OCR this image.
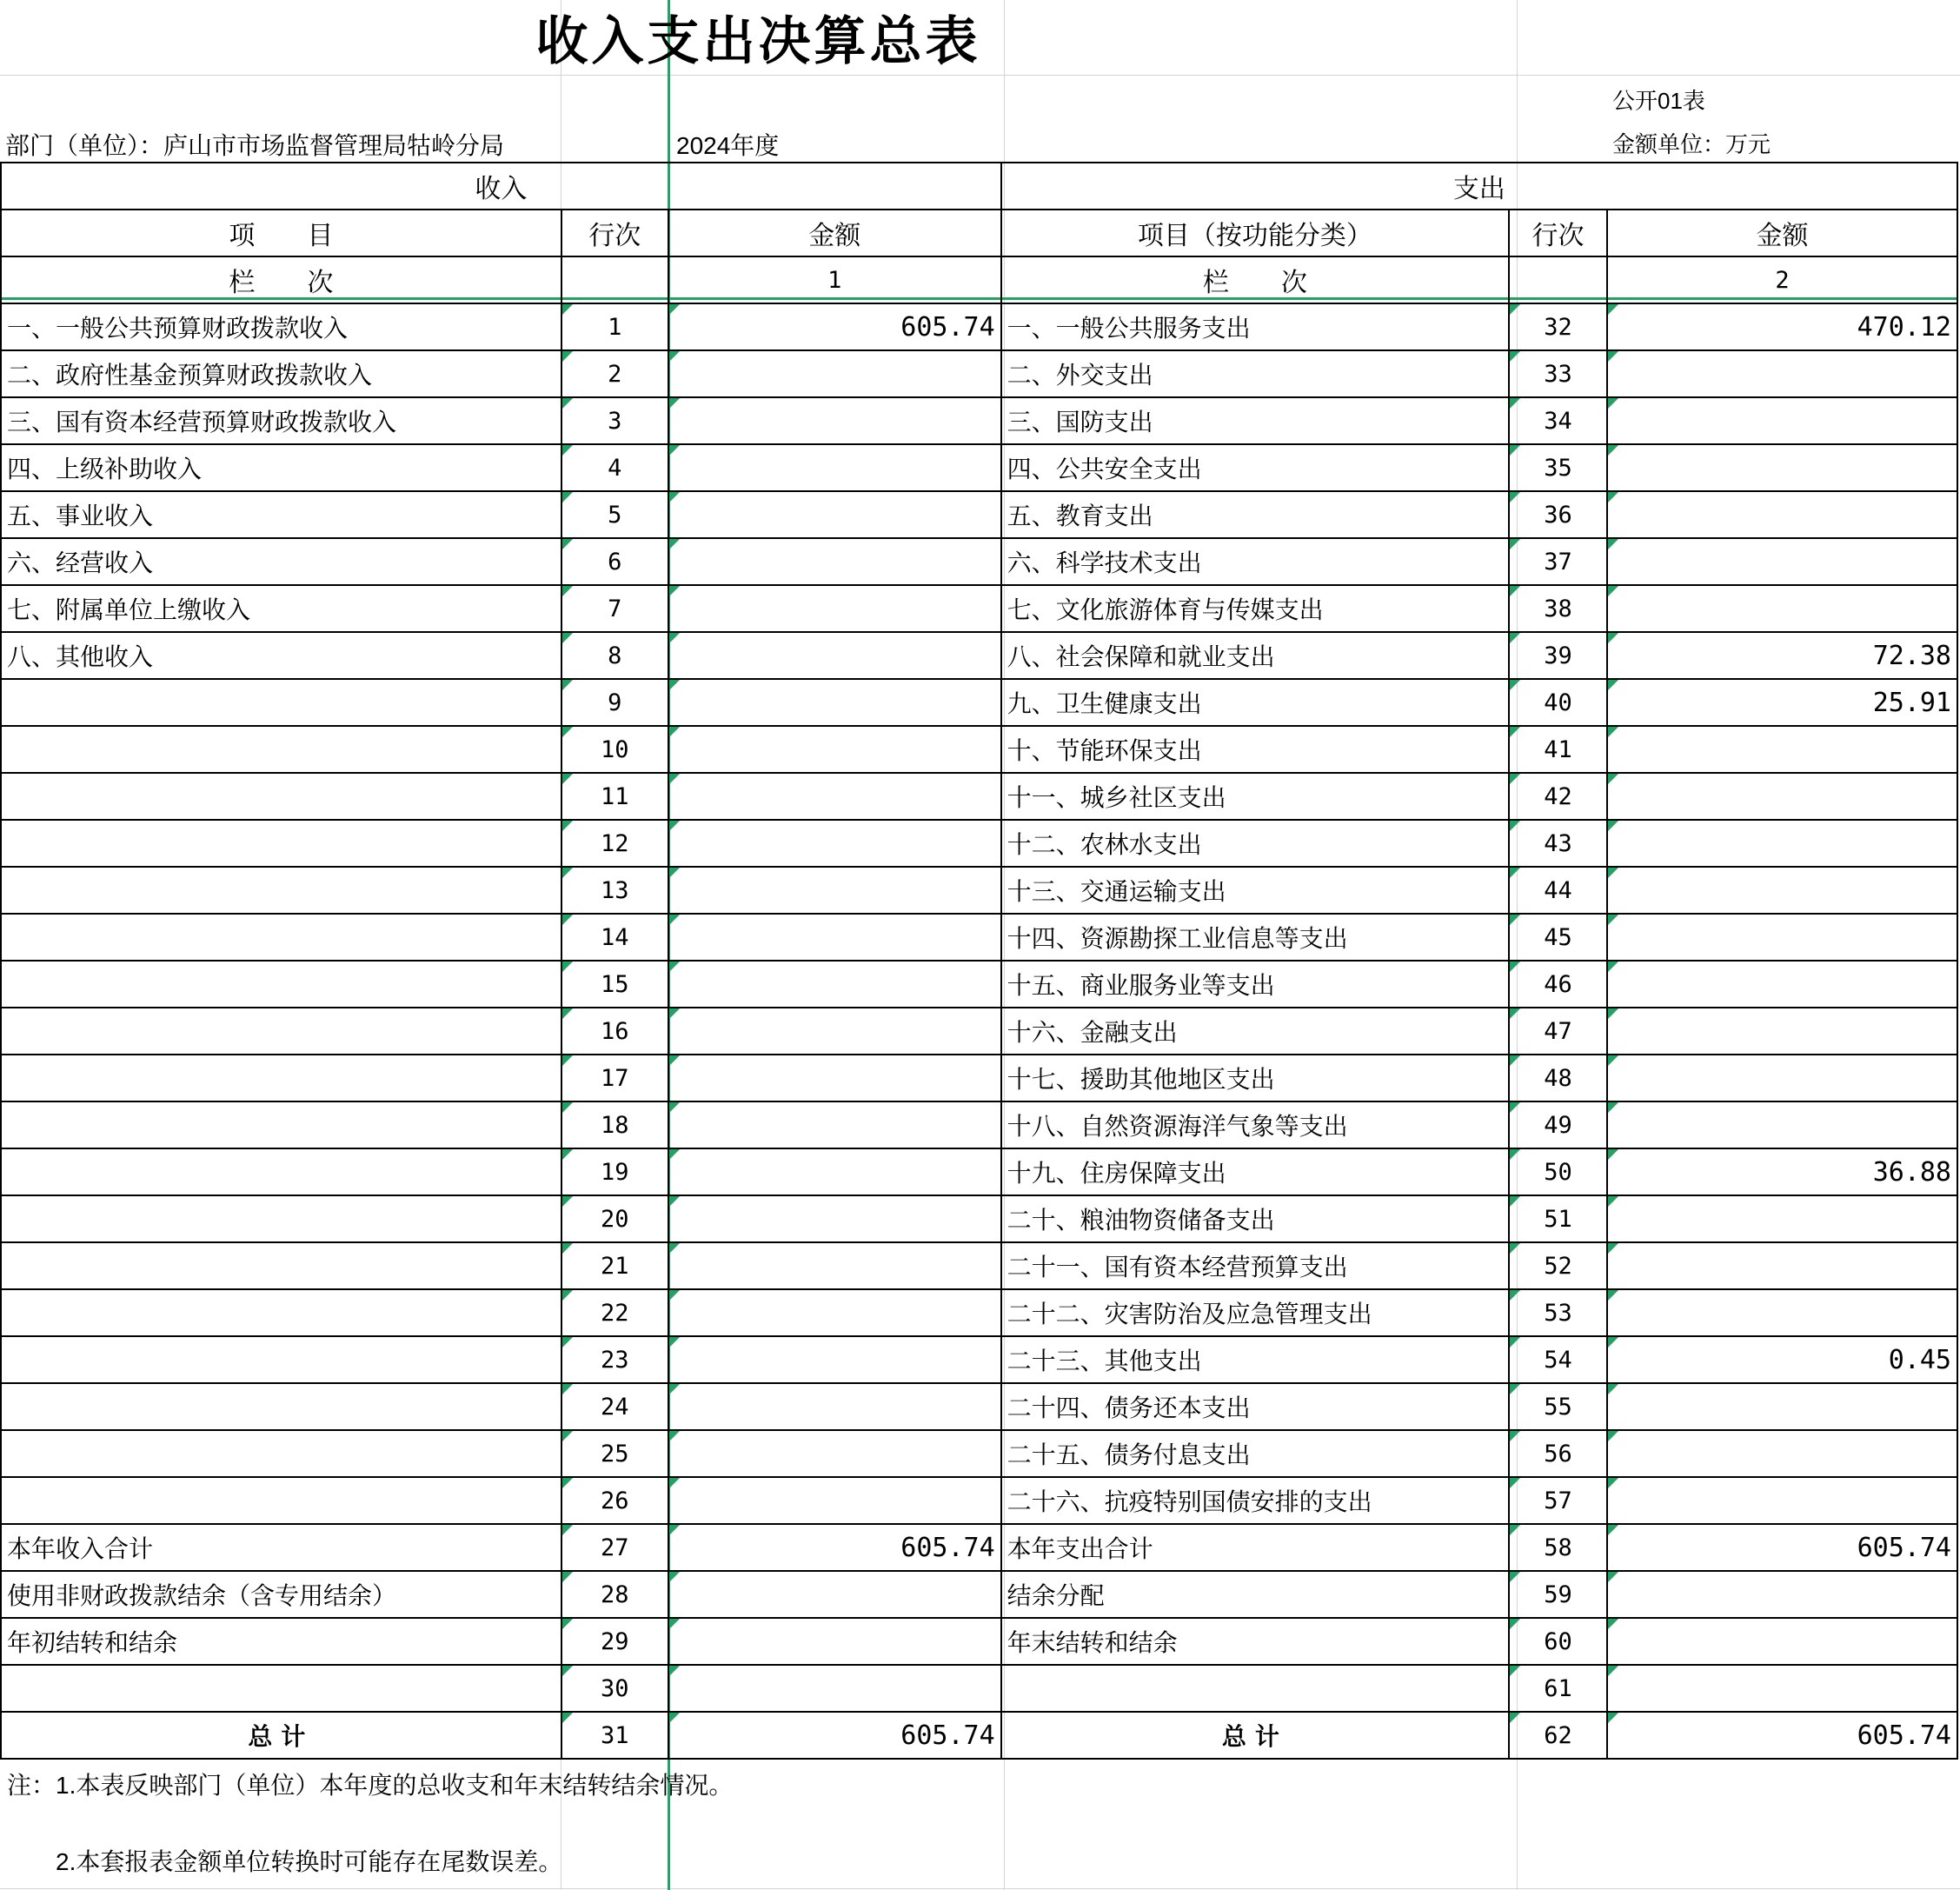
收入支出决算总表
公开01表
金额单位：万元
部门（单位）：庐山市市场监督管理局牯岭分局	2024年度
收入			支出		
项　　目	行次	金额	项目（按功能分类）	行次	金额
栏　　次		1	栏　　次		2
一、一般公共预算财政拨款收入	1	605.74	一、一般公共服务支出	32	470.12
二、政府性基金预算财政拨款收入	2		二、外交支出	33	
三、国有资本经营预算财政拨款收入	3		三、国防支出	34	
四、上级补助收入	4		四、公共安全支出	35	
五、事业收入	5		五、教育支出	36	
六、经营收入	6		六、科学技术支出	37	
七、附属单位上缴收入	7		七、文化旅游体育与传媒支出	38	
八、其他收入	8		八、社会保障和就业支出	39	72.38
	9		九、卫生健康支出	40	25.91
	10		十、节能环保支出	41	
	11		十一、城乡社区支出	42	
	12		十二、农林水支出	43	
	13		十三、交通运输支出	44	
	14		十四、资源勘探工业信息等支出	45	
	15		十五、商业服务业等支出	46	
	16		十六、金融支出	47	
	17		十七、援助其他地区支出	48	
	18		十八、自然资源海洋气象等支出	49	
	19		十九、住房保障支出	50	36.88
	20		二十、粮油物资储备支出	51	
	21		二十一、国有资本经营预算支出	52	
	22		二十二、灾害防治及应急管理支出	53	
	23		二十三、其他支出	54	0.45
	24		二十四、债务还本支出	55	
	25		二十五、债务付息支出	56	
	26		二十六、抗疫特别国债安排的支出	57	
本年收入合计	27	605.74	本年支出合计	58	605.74
使用非财政拨款结余（含专用结余）	28		结余分配	59	
年初结转和结余	29		年末结转和结余	60	
	30			61	
总计	31	605.74	总计	62	605.74
注：1.本表反映部门（单位）本年度的总收支和年末结转结余情况。
2.本套报表金额单位转换时可能存在尾数误差。
